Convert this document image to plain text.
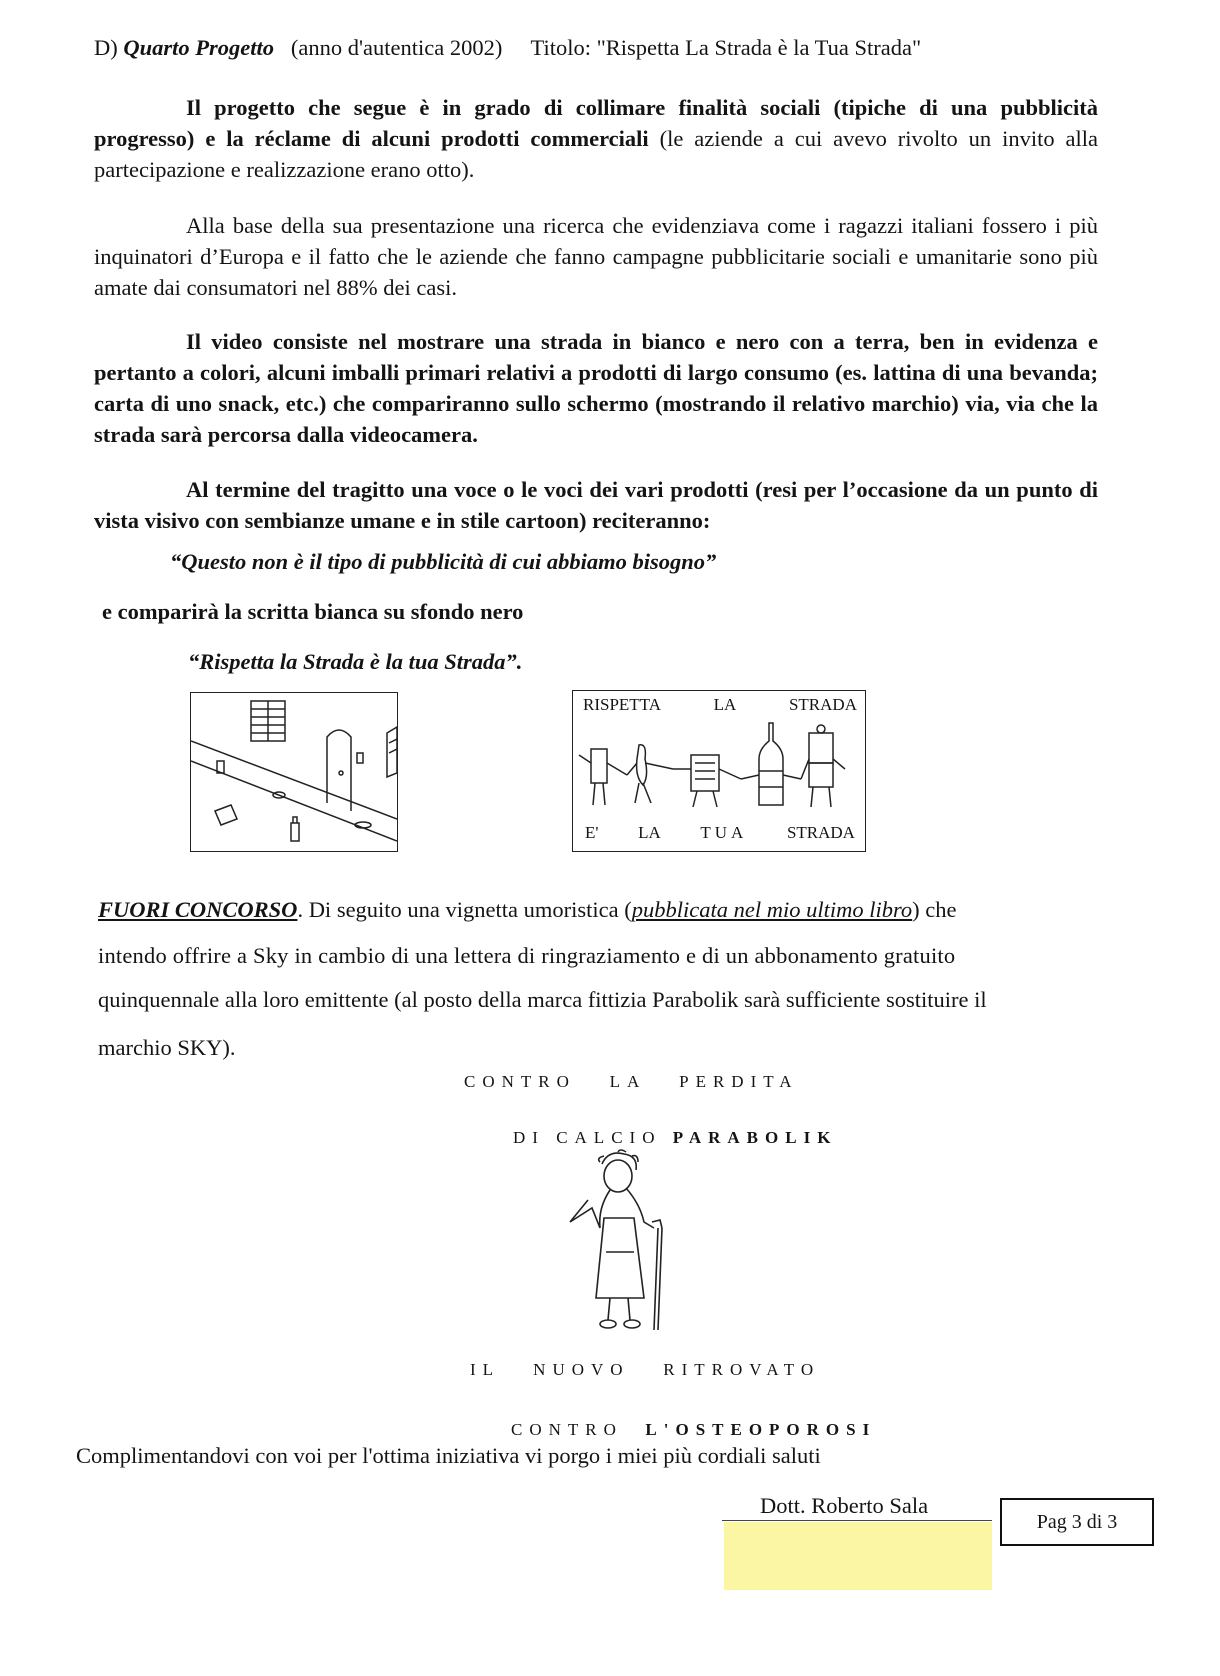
D) Quarto Progetto (anno d'autentica 2002) Titolo: "Rispetta La Strada è la Tua Strada"
Il progetto che segue è in grado di collimare finalità sociali (tipiche di una pubblicità progresso) e la réclame di alcuni prodotti commerciali (le aziende a cui avevo rivolto un invito alla partecipazione e realizzazione erano otto).
Alla base della sua presentazione una ricerca che evidenziava come i ragazzi italiani fossero i più inquinatori d’Europa e il fatto che le aziende che fanno campagne pubblicitarie sociali e umanitarie sono più amate dai consumatori nel 88% dei casi.
Il video consiste nel mostrare una strada in bianco e nero con a terra, ben in evidenza e pertanto a colori, alcuni imballi primari relativi a prodotti di largo consumo (es. lattina di una bevanda; carta di uno snack, etc.) che compariranno sullo schermo (mostrando il relativo marchio) via, via che la strada sarà percorsa dalla videocamera.
Al termine del tragitto una voce o le voci dei vari prodotti (resi per l’occasione da un punto di vista visivo con sembianze umane e in stile cartoon) reciteranno:
“Questo non è il tipo di pubblicità di cui abbiamo bisogno”
e comparirà la scritta bianca su sfondo nero
“Rispetta la Strada è la tua Strada”.
RISPETTA	LA	STRADA
E' LA TUA STRADA
FUORI CONCORSO. Di seguito una vignetta umoristica (pubblicata nel mio ultimo libro) che
intendo offrire a Sky in cambio di una lettera di ringraziamento e di un abbonamento gratuito
quinquennale alla loro emittente (al posto della marca fittizia Parabolik sarà sufficiente sostituire il
marchio SKY).
CONTRO   LA   PERDITA

DI CALCIO PARABOLIK

IL   NUOVO   RITROVATO

CONTRO  L'OSTEOPOROSI

Complimentandovi con voi per l'ottima iniziativa vi porgo i miei più cordiali saluti
Dott. Roberto Sala
Pag 3 di 3
